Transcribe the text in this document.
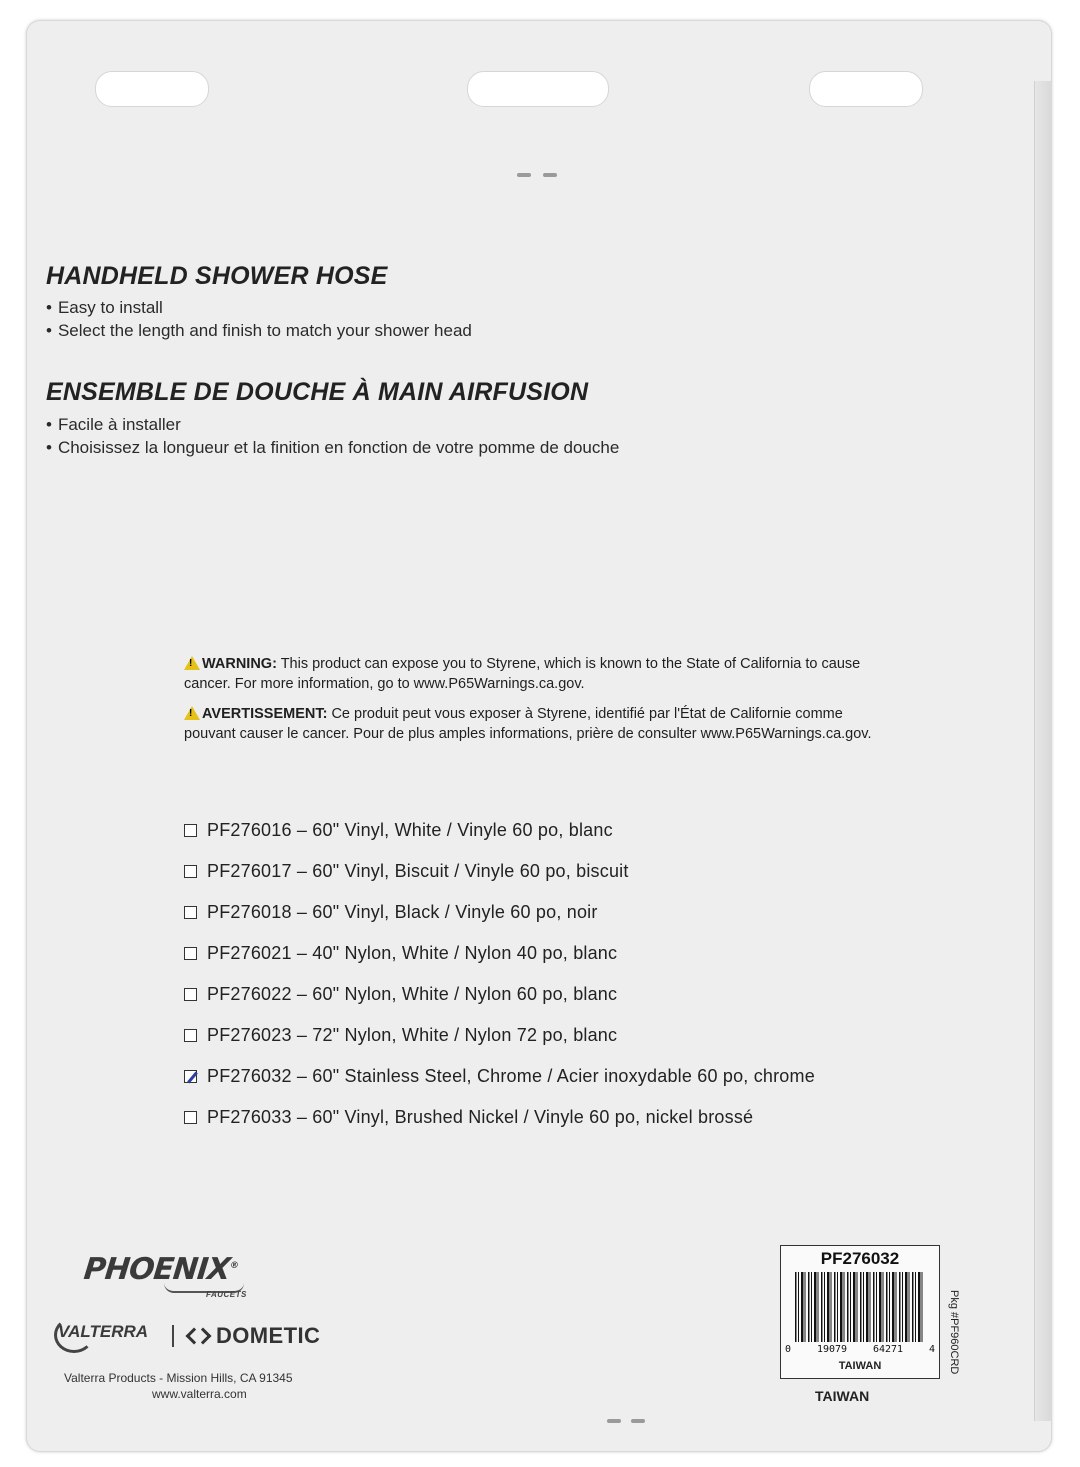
HANDHELD SHOWER HOSE
• Easy to install
• Select the length and finish to match your shower head
ENSEMBLE DE DOUCHE À MAIN AIRFUSION
• Facile à installer
• Choisissez la longueur et la finition en fonction de votre pomme de douche

!WARNING: This product can expose you to Styrene, which is known to the State of California to cause cancer. For more information, go to www.P65Warnings.ca.gov.

!AVERTISSEMENT: Ce produit peut vous exposer à Styrene, identifié par l'État de Californie comme pouvant causer le cancer. Pour de plus amples informations, prière de consulter www.P65Warnings.ca.gov.

PF276016 – 60" Vinyl, White / Vinyle 60 po, blanc
PF276017 – 60" Vinyl, Biscuit / Vinyle 60 po, biscuit
PF276018 – 60" Vinyl, Black / Vinyle 60 po, noir
PF276021 – 40" Nylon, White / Nylon 40 po, blanc
PF276022 – 60" Nylon, White / Nylon 60 po, blanc
PF276023 – 72" Nylon, White / Nylon 72 po, blanc
PF276032 – 60" Stainless Steel, Chrome / Acier inoxydable 60 po, chrome
PF276033 – 60" Vinyl, Brushed Nickel / Vinyle 60 po, nickel brossé
PHOENIX®
FAUCETS
VALTERRA	DOMETIC
Valterra Products - Mission Hills, CA 91345
www.valterra.com
PF276032
0	19079	64271	4
TAIWAN
TAIWAN
Pkg #PF960CRD
